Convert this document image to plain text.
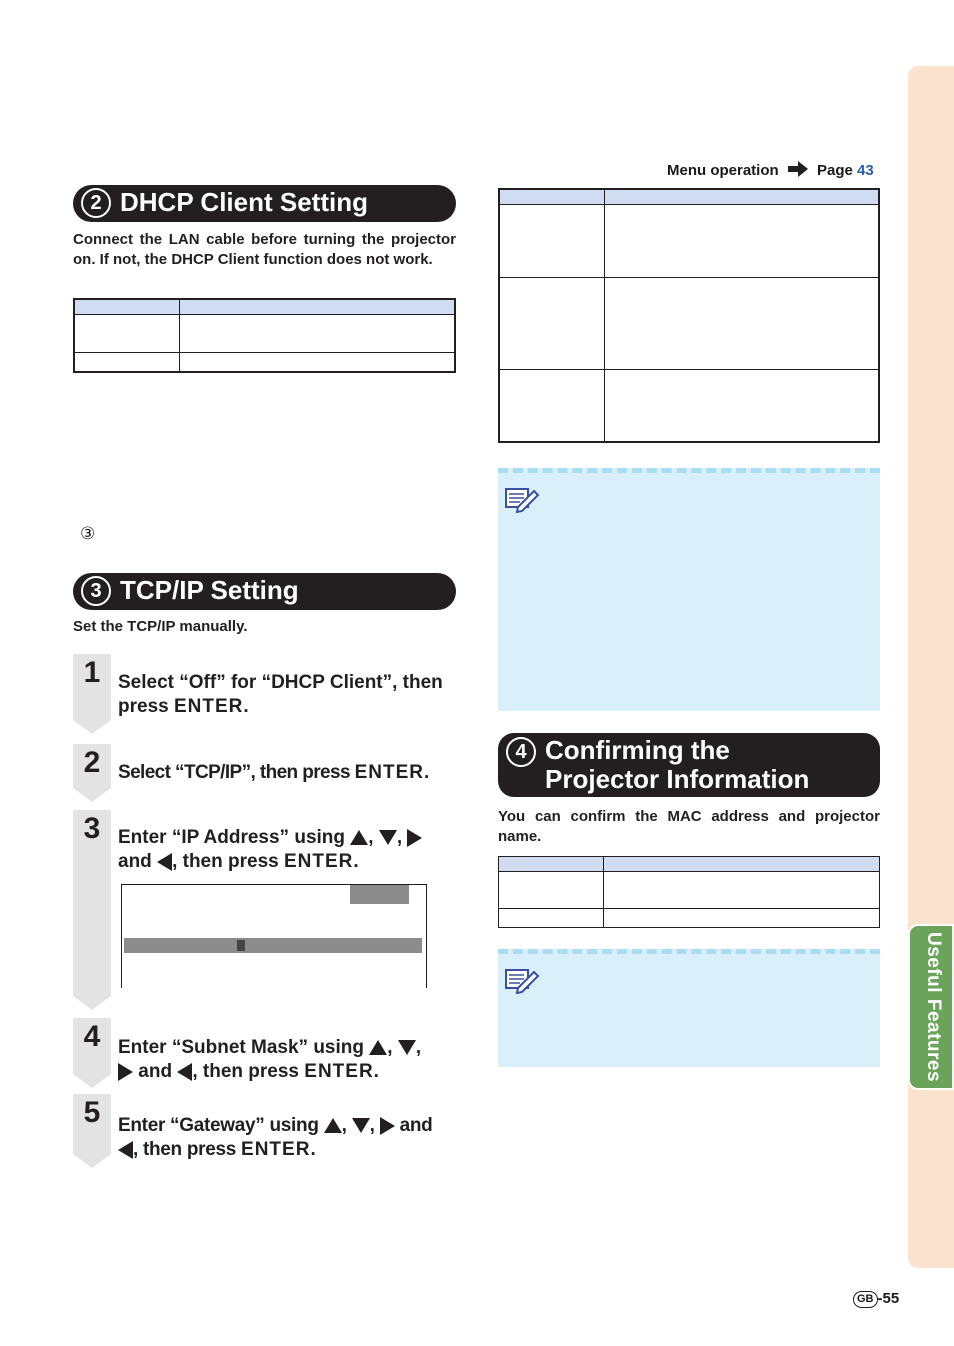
Useful Features
Menu operation	Page 43
2 DHCP Client Setting
Connect the LAN cable before turning the projector on. If not, the DHCP Client function does not work.

③
3 TCP/IP Setting
Set the TCP/IP manually.
1 Select “Off” for “DHCP Client”, then
press ENTER.
2 Select “TCP/IP”, then press ENTER.
3 Enter “IP Address” using , ,
and , then press ENTER.
4 Enter “Subnet Mask” using , ,
and , then press ENTER.
5 Enter “Gateway” using , ,  and
, then press ENTER.

4 Confirming the
Projector Information
You can confirm the MAC address and projector name.

GB -55
